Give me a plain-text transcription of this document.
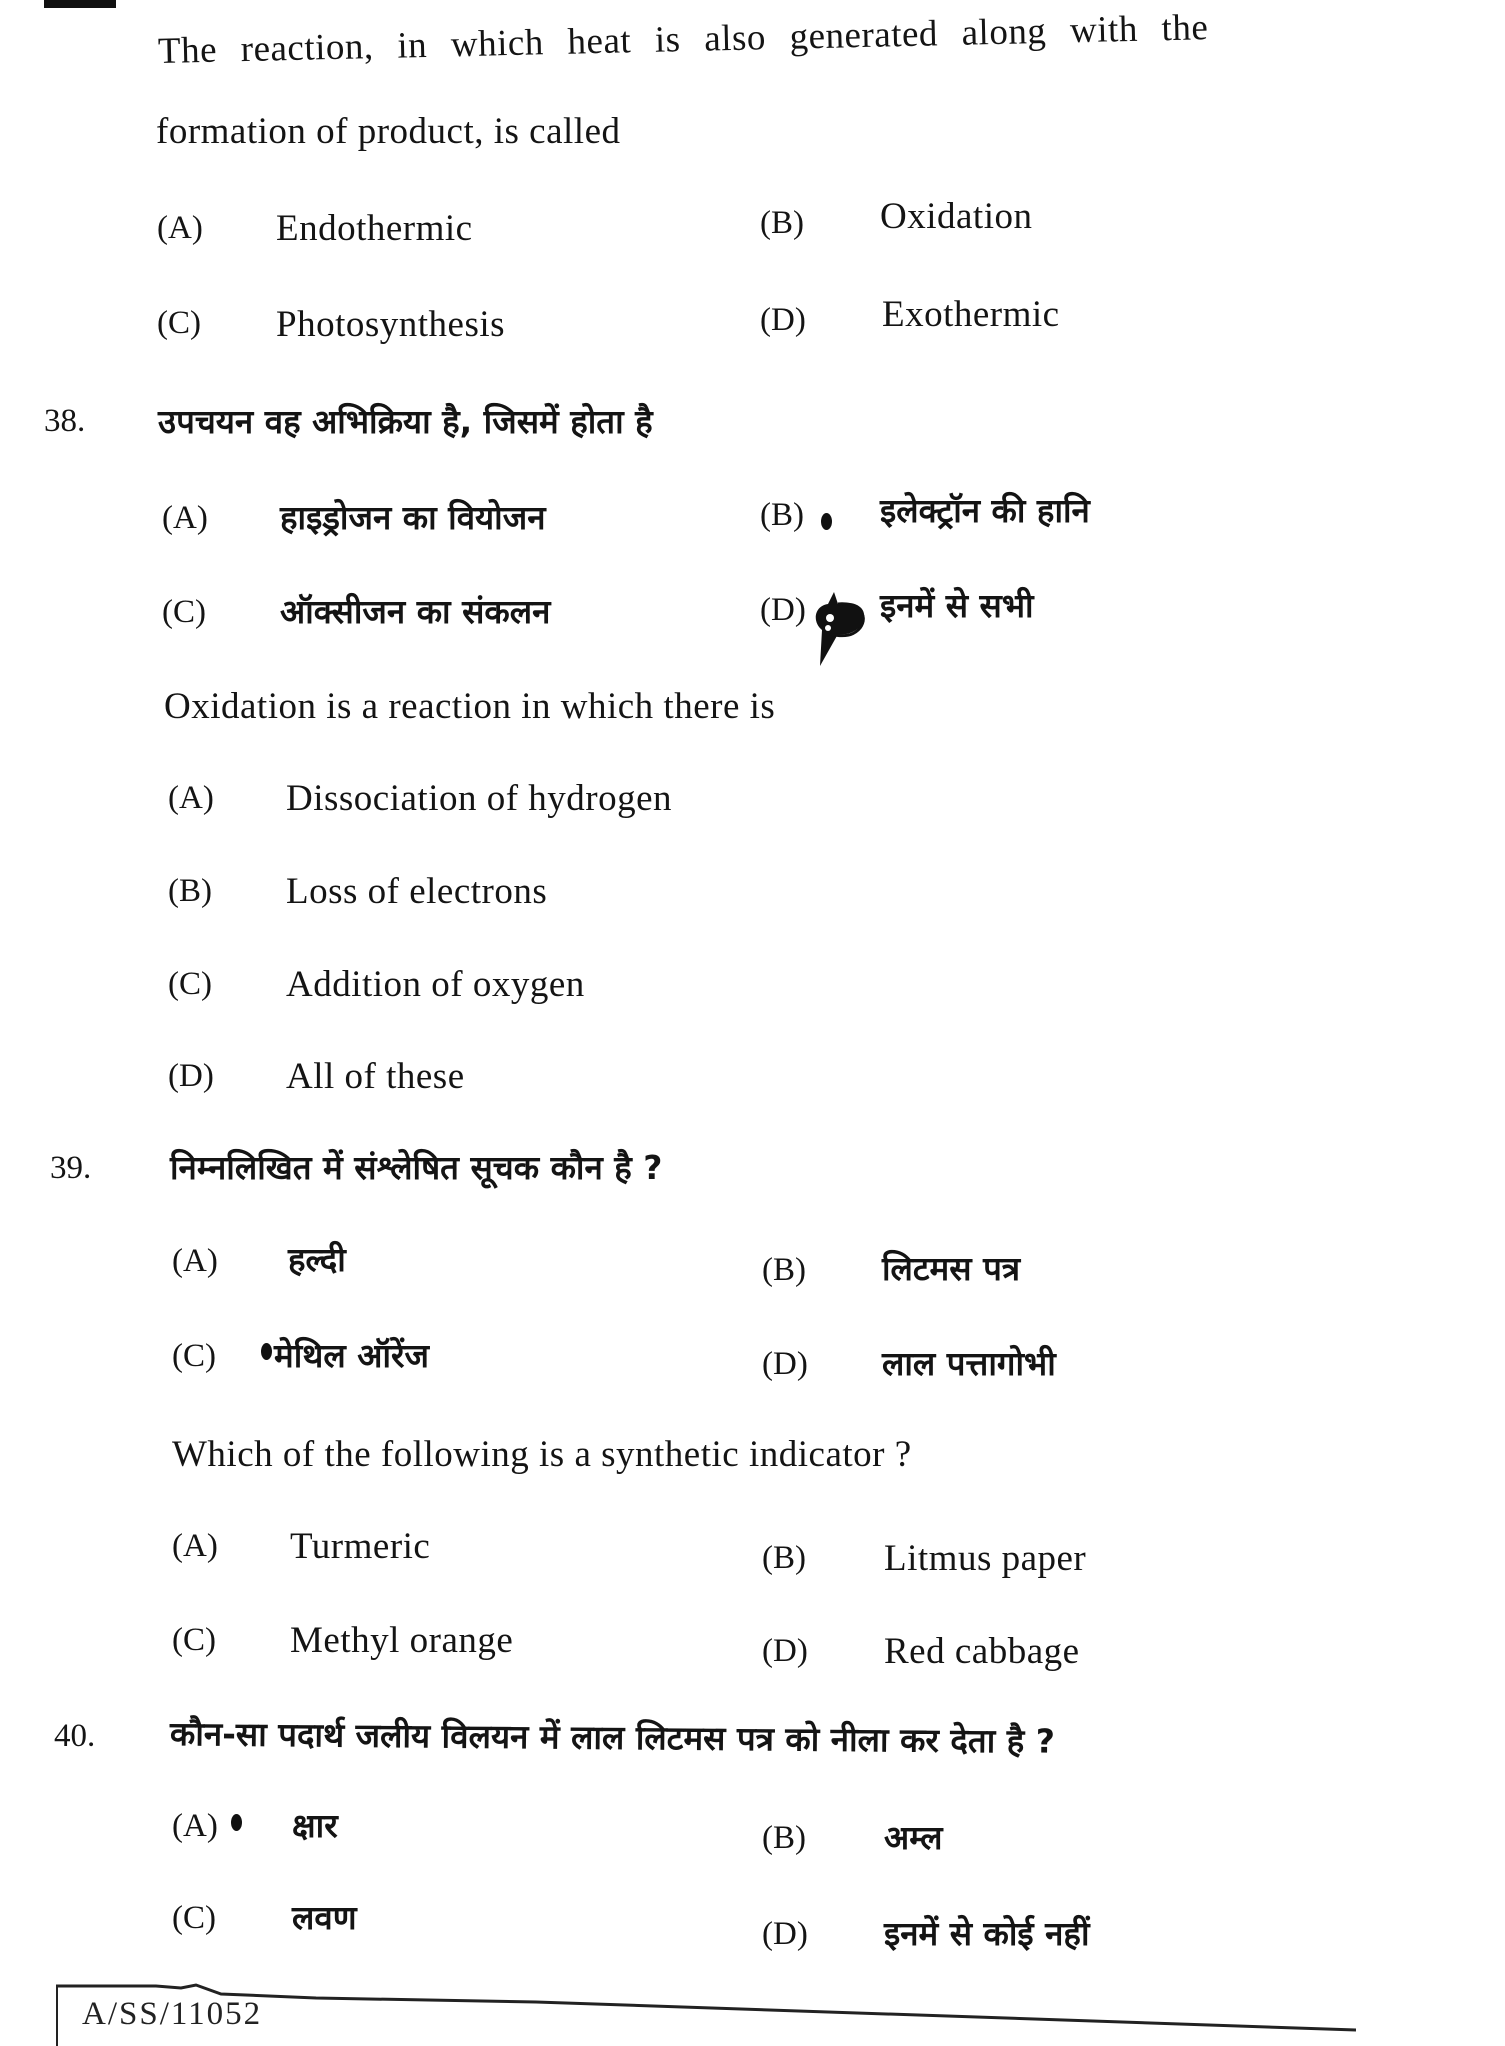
The reaction, in which heat is also generated along with the
formation of product, is called
(A) Endothermic	(B) Oxidation
(C) Photosynthesis	(D) Exothermic
38. उपचयन वह अभिक्रिया है, जिसमें होता है
(A) हाइड्रोजन का वियोजन	(B) इलेक्ट्रॉन की हानि
(C) ऑक्सीजन का संकलन	(D) इनमें से सभी
Oxidation is a reaction in which there is
(A) Dissociation of hydrogen
(B) Loss of electrons
(C) Addition of oxygen
(D) All of these
39. निम्नलिखित में संश्लेषित सूचक कौन है ?
(A) हल्दी	(B) लिटमस पत्र
(C) मेथिल ऑरेंज	(D) लाल पत्तागोभी
Which of the following is a synthetic indicator ?
(A) Turmeric	(B) Litmus paper
(C) Methyl orange	(D) Red cabbage
40. कौन-सा पदार्थ जलीय विलयन में लाल लिटमस पत्र को नीला कर देता है ?
(A) क्षार	(B) अम्ल
(C) लवण	(D) इनमें से कोई नहीं
A/SS/11052
